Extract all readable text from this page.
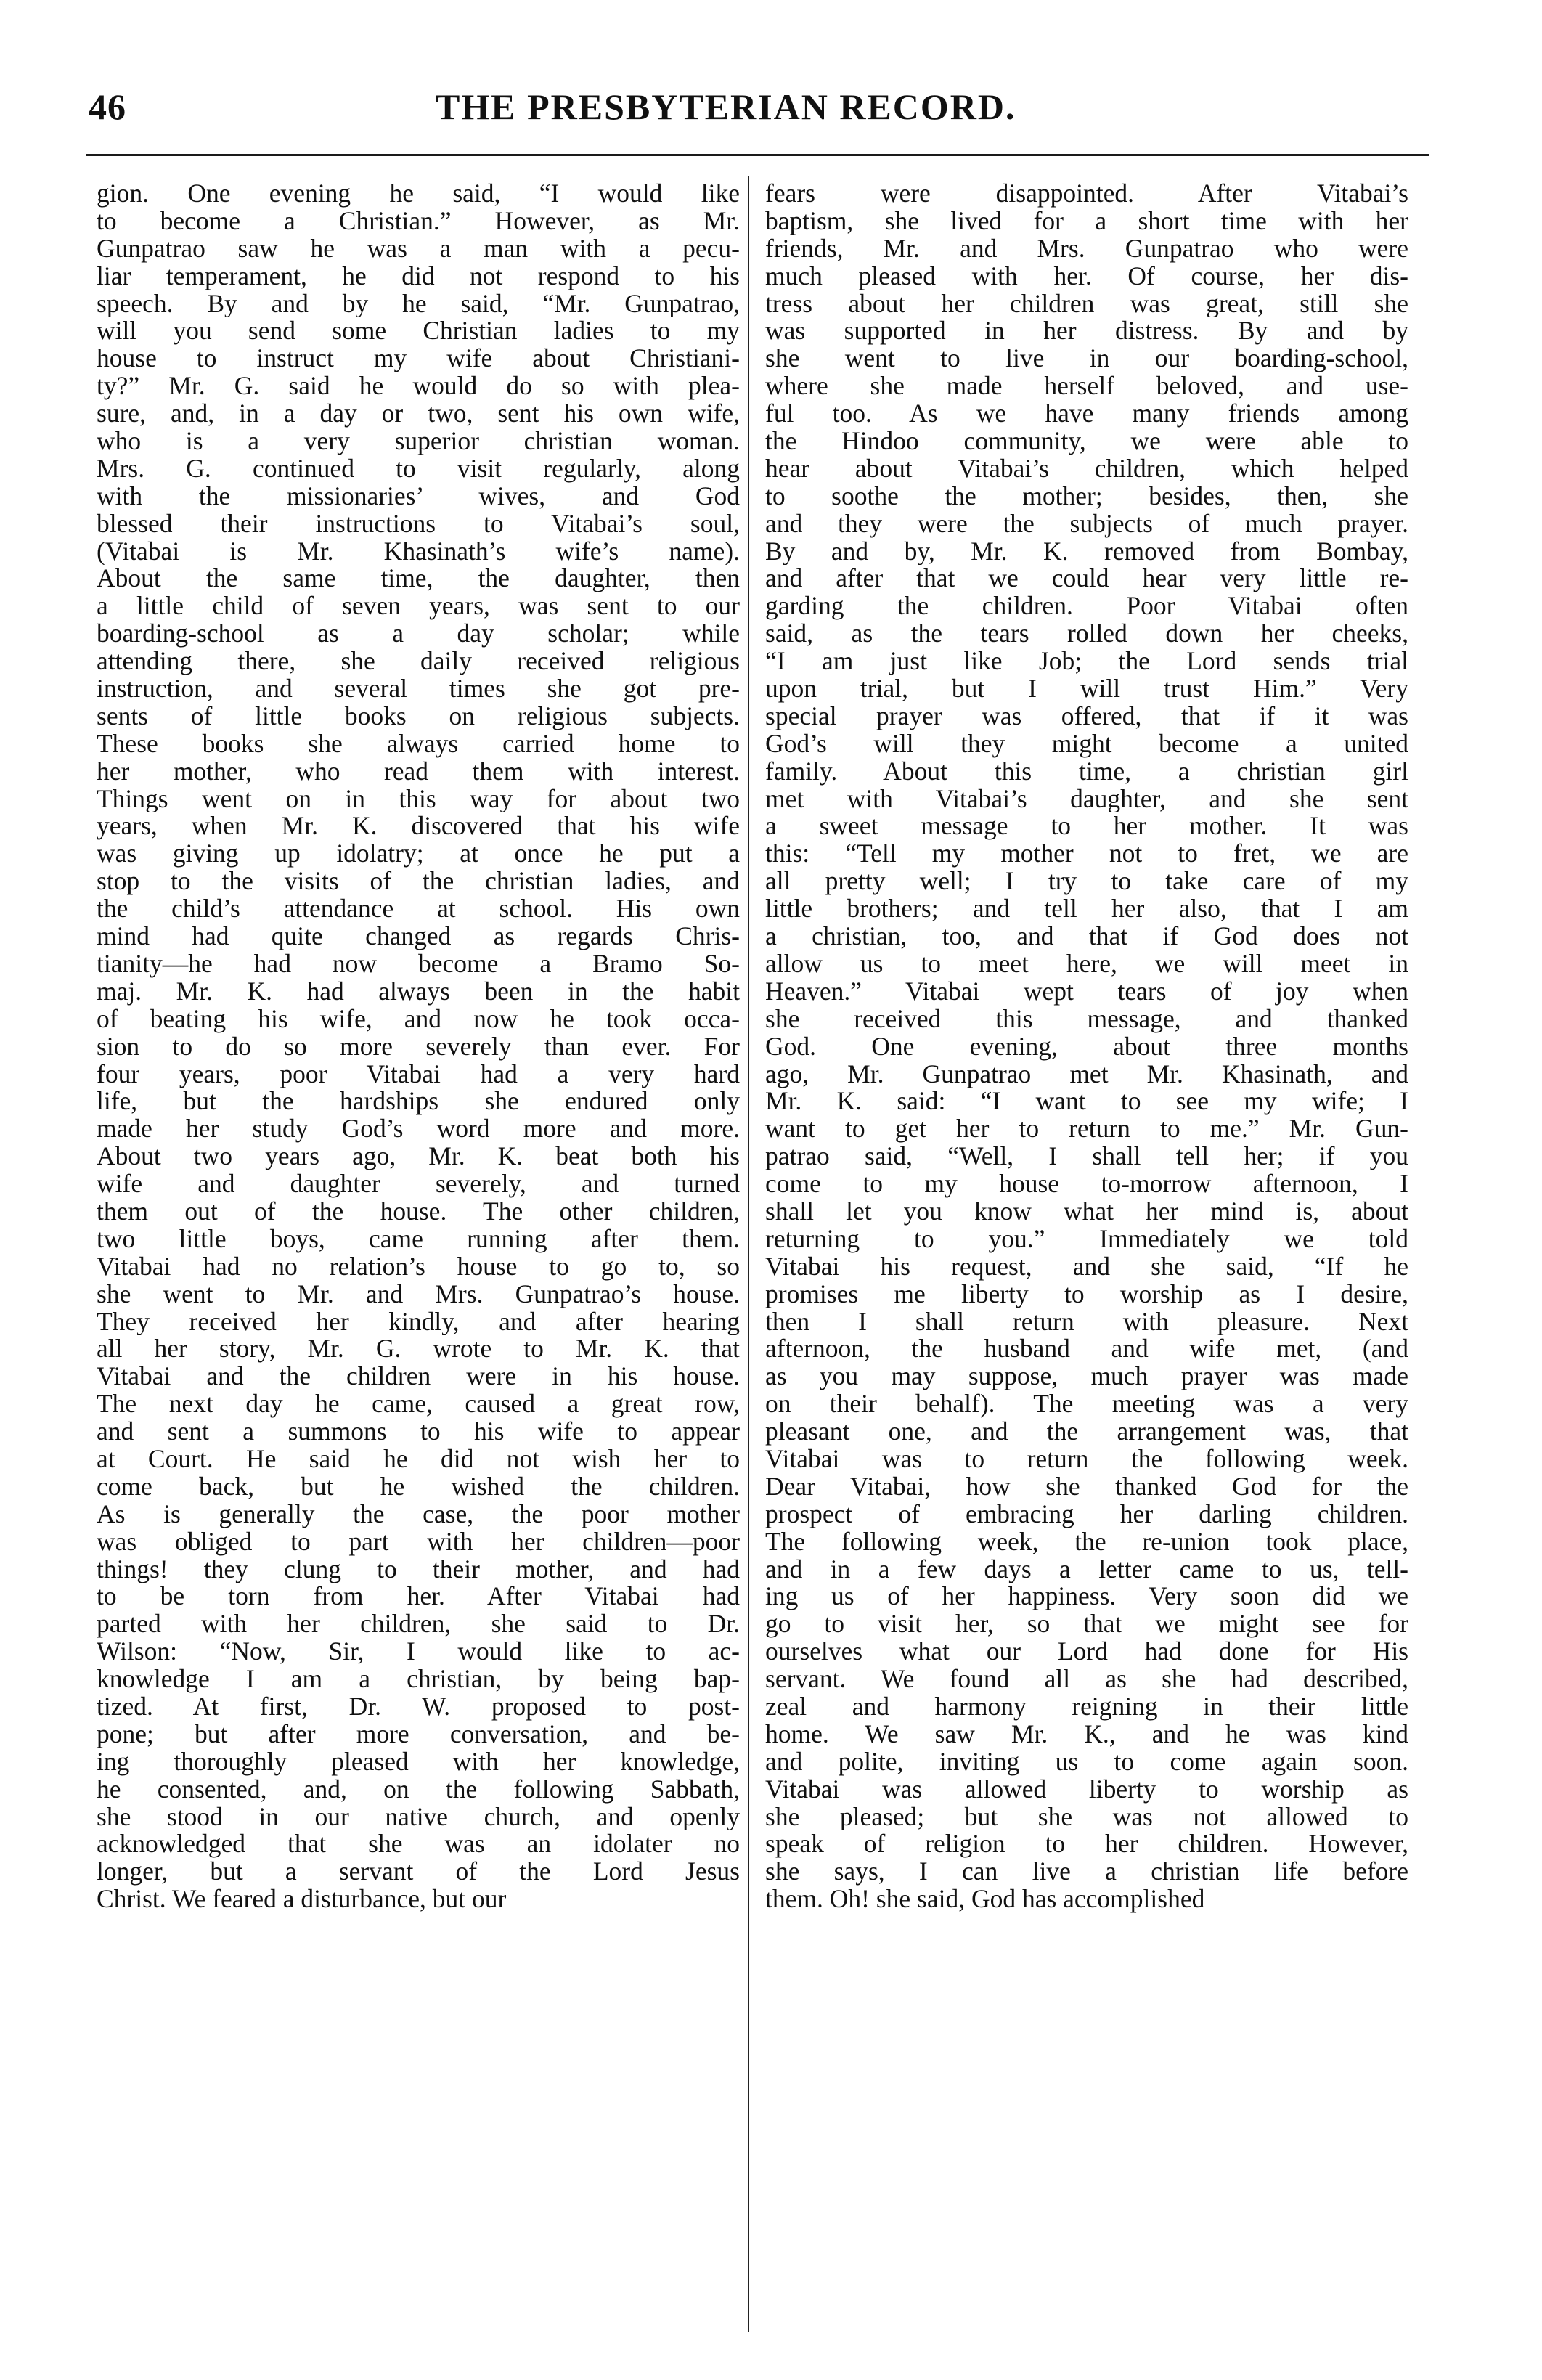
46	THE PRESBYTERIAN RECORD.
gion. One evening he said, “I would like
to become a Christian.” However, as Mr.
Gunpatrao saw he was a man with a pecu-
liar temperament, he did not respond to his
speech. By and by he said, “Mr. Gunpatrao,
will you send some Christian ladies to my
house to instruct my wife about Christiani-
ty?” Mr. G. said he would do so with plea-
sure, and, in a day or two, sent his own wife,
who is a very superior christian woman.
Mrs. G. continued to visit regularly, along
with the missionaries’ wives, and God
blessed their instructions to Vitabai’s soul,
(Vitabai is Mr. Khasinath’s wife’s name).
About the same time, the daughter, then
a little child of seven years, was sent to our
boarding-school as a day scholar; while
attending there, she daily received religious
instruction, and several times she got pre-
sents of little books on religious subjects.
These books she always carried home to
her mother, who read them with interest.
Things went on in this way for about two
years, when Mr. K. discovered that his wife
was giving up idolatry; at once he put a
stop to the visits of the christian ladies, and
the child’s attendance at school. His own
mind had quite changed as regards Chris-
tianity—he had now become a Bramo So-
maj. Mr. K. had always been in the habit
of beating his wife, and now he took occa-
sion to do so more severely than ever. For
four years, poor Vitabai had a very hard
life, but the hardships she endured only
made her study God’s word more and more.
About two years ago, Mr. K. beat both his
wife and daughter severely, and turned
them out of the house. The other children,
two little boys, came running after them.
Vitabai had no relation’s house to go to, so
she went to Mr. and Mrs. Gunpatrao’s house.
They received her kindly, and after hearing
all her story, Mr. G. wrote to Mr. K. that
Vitabai and the children were in his house.
The next day he came, caused a great row,
and sent a summons to his wife to appear
at Court. He said he did not wish her to
come back, but he wished the children.
As is generally the case, the poor mother
was obliged to part with her children—poor
things! they clung to their mother, and had
to be torn from her. After Vitabai had
parted with her children, she said to Dr.
Wilson: “Now, Sir, I would like to ac-
knowledge I am a christian, by being bap-
tized. At first, Dr. W. proposed to post-
pone; but after more conversation, and be-
ing thoroughly pleased with her knowledge,
he consented, and, on the following Sabbath,
she stood in our native church, and openly
acknowledged that she was an idolater no
longer, but a servant of the Lord Jesus
Christ. We feared a disturbance, but our
fears were disappointed. After Vitabai’s
baptism, she lived for a short time with her
friends, Mr. and Mrs. Gunpatrao who were
much pleased with her. Of course, her dis-
tress about her children was great, still she
was supported in her distress. By and by
she went to live in our boarding-school,
where she made herself beloved, and use-
ful too. As we have many friends among
the Hindoo community, we were able to
hear about Vitabai’s children, which helped
to soothe the mother; besides, then, she
and they were the subjects of much prayer.
By and by, Mr. K. removed from Bombay,
and after that we could hear very little re-
garding the children. Poor Vitabai often
said, as the tears rolled down her cheeks,
“I am just like Job; the Lord sends trial
upon trial, but I will trust Him.” Very
special prayer was offered, that if it was
God’s will they might become a united
family. About this time, a christian girl
met with Vitabai’s daughter, and she sent
a sweet message to her mother. It was
this: “Tell my mother not to fret, we are
all pretty well; I try to take care of my
little brothers; and tell her also, that I am
a christian, too, and that if God does not
allow us to meet here, we will meet in
Heaven.” Vitabai wept tears of joy when
she received this message, and thanked
God. One evening, about three months
ago, Mr. Gunpatrao met Mr. Khasinath, and
Mr. K. said: “I want to see my wife; I
want to get her to return to me.” Mr. Gun-
patrao said, “Well, I shall tell her; if you
come to my house to-morrow afternoon, I
shall let you know what her mind is, about
returning to you.” Immediately we told
Vitabai his request, and she said, “If he
promises me liberty to worship as I desire,
then I shall return with pleasure. Next
afternoon, the husband and wife met, (and
as you may suppose, much prayer was made
on their behalf). The meeting was a very
pleasant one, and the arrangement was, that
Vitabai was to return the following week.
Dear Vitabai, how she thanked God for the
prospect of embracing her darling children.
The following week, the re-union took place,
and in a few days a letter came to us, tell-
ing us of her happiness. Very soon did we
go to visit her, so that we might see for
ourselves what our Lord had done for His
servant. We found all as she had described,
zeal and harmony reigning in their little
home. We saw Mr. K., and he was kind
and polite, inviting us to come again soon.
Vitabai was allowed liberty to worship as
she pleased; but she was not allowed to
speak of religion to her children. However,
she says, I can live a christian life before
them. Oh! she said, God has accomplished
